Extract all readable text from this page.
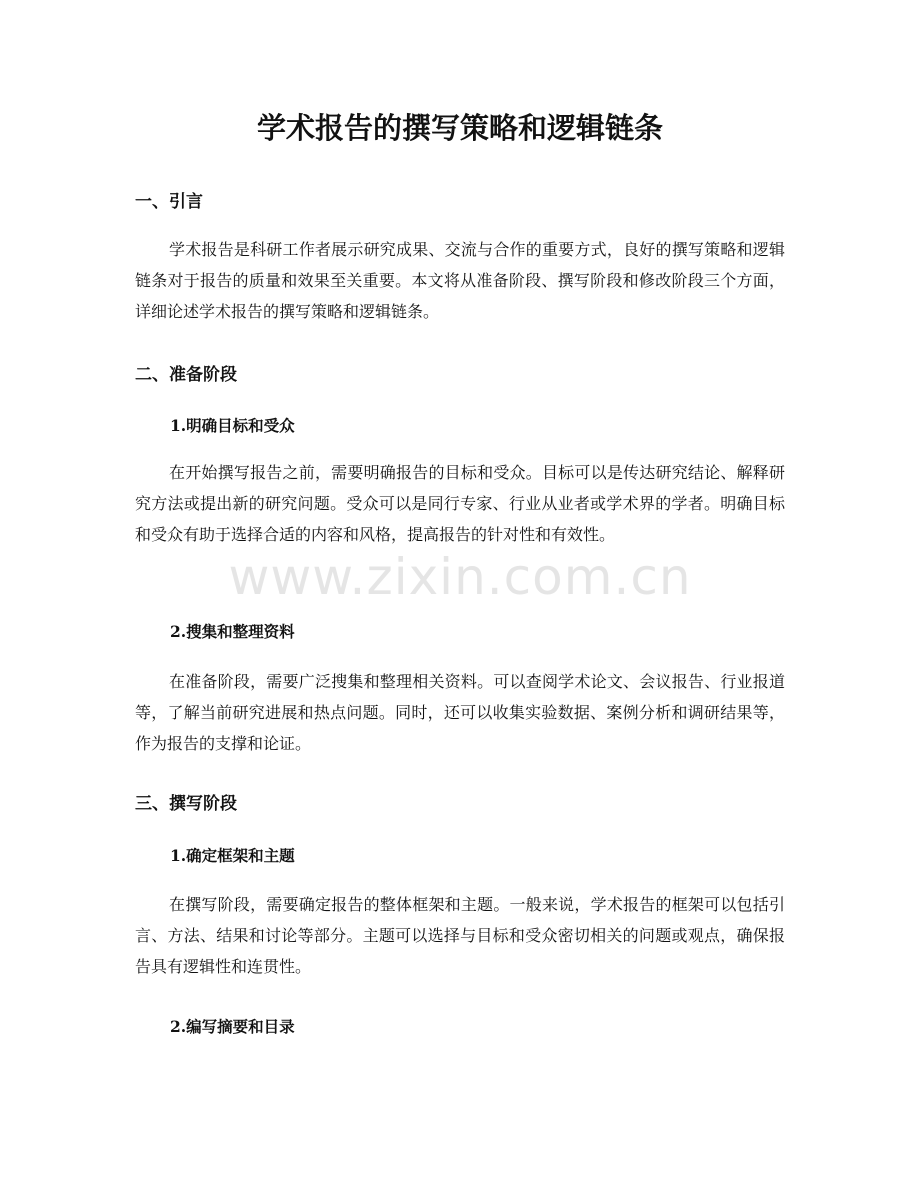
学术报告的撰写策略和逻辑链条
一、引言

学术报告是科研工作者展示研究成果、交流与合作的重要方式，良好的撰写策略和逻辑链条对于报告的质量和效果至关重要。本文将从准备阶段、撰写阶段和修改阶段三个方面，详细论述学术报告的撰写策略和逻辑链条。

二、准备阶段
1.明确目标和受众

在开始撰写报告之前，需要明确报告的目标和受众。目标可以是传达研究结论、解释研究方法或提出新的研究问题。受众可以是同行专家、行业从业者或学术界的学者。明确目标和受众有助于选择合适的内容和风格，提高报告的针对性和有效性。

2.搜集和整理资料

在准备阶段，需要广泛搜集和整理相关资料。可以查阅学术论文、会议报告、行业报道等，了解当前研究进展和热点问题。同时，还可以收集实验数据、案例分析和调研结果等，作为报告的支撑和论证。

三、撰写阶段
1.确定框架和主题

在撰写阶段，需要确定报告的整体框架和主题。一般来说，学术报告的框架可以包括引言、方法、结果和讨论等部分。主题可以选择与目标和受众密切相关的问题或观点，确保报告具有逻辑性和连贯性。

2.编写摘要和目录
www.zixin.com.cn
